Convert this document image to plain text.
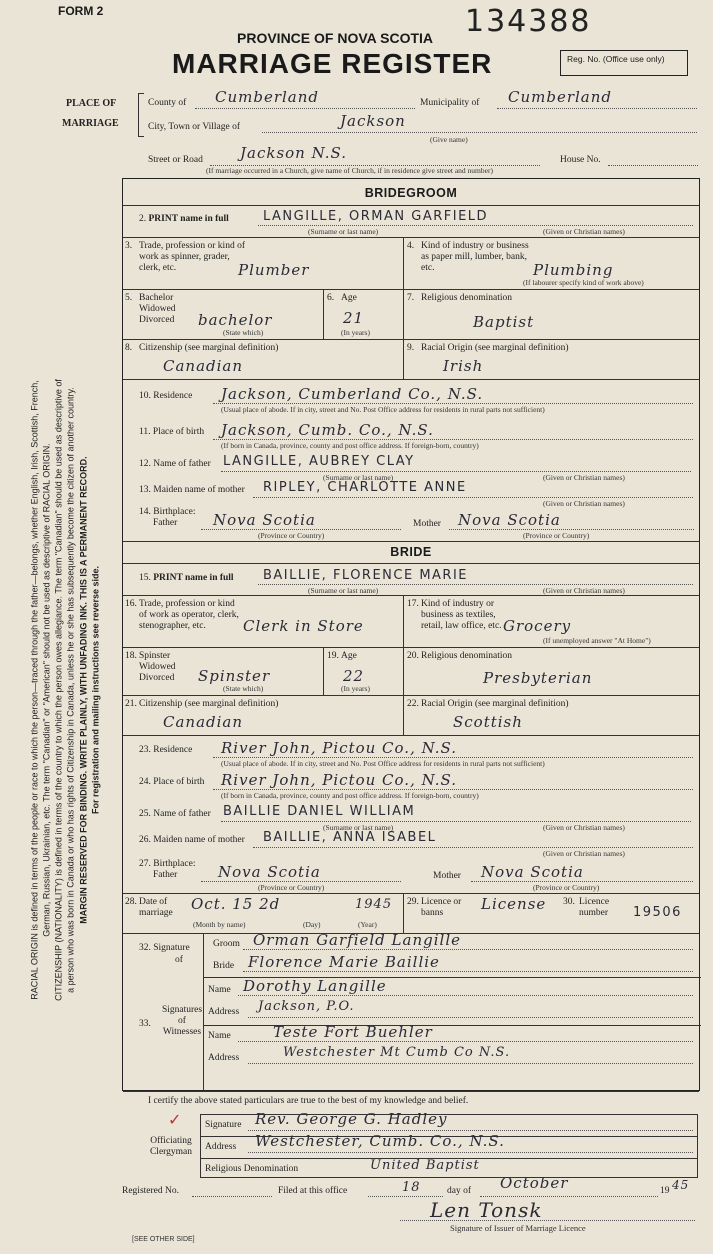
RACIAL ORIGIN is defined in terms of the people or race to which the person—traced through the father—belongs, whether English, Irish, Scottish, French, German, Russian, Ukrainian, etc. The term "Canadian" or "American" should not be used as descriptive of RACIAL ORIGIN. CITIZENSHIP (NATIONALITY) is defined in terms of the country to which the person owes allegiance. The term "Canadian" should be used as descriptive of a person who was born in Canada or who has rights of Citizenship in Canada, unless he or she has subsequently become the citizen of another country. MARGIN RESERVED FOR BINDING. WRITE PLAINLY, WITH UNFADING INK. THIS IS A PERMANENT RECORD. For registration and mailing instructions see reverse side.
FORM 2	134388
PROVINCE OF NOVA SCOTIA
MARRIAGE REGISTER	Reg. No. (Office use only)
PLACE OF
MARRIAGE
County of Cumberland	Municipality of Cumberland
City, Town or Village of	Jackson
(Give name)
Street or Road Jackson N.S.	House No.
(If marriage occurred in a Church, give name of Church, if in residence give street and number)
BRIDEGROOM
2. PRINT name in full	LANGILLE, ORMAN GARFIELD
(Surname or last name)	(Given or Christian names)
3. Trade, profession or kind of work as spinner, grader, clerk, etc.	Plumber
4. Kind of industry or business as paper mill, lumber, bank, etc.	Plumbing
(If labourer specify kind of work above)
5. Bachelor Widowed Divorced	bachelor
(State which)
6. Age
21
(In years)
7. Religious denomination
Baptist
8. Citizenship (see marginal definition)
Canadian
9. Racial Origin (see marginal definition)
Irish
10. Residence Jackson, Cumberland Co., N.S.
(Usual place of abode. If in city, street and No. Post Office address for residents in rural parts not sufficient)
11. Place of birth Jackson, Cumb. Co., N.S.
(If born in Canada, province, county and post office address. If foreign-born, country)
12. Name of father LANGILLE, AUBREY CLAY
(Surname or last name)	(Given or Christian names)
13. Maiden name of mother RIPLEY, CHARLOTTE ANNE
(Given or Christian names)
14. Birthplace:
Father	Nova Scotia
(Province or Country)
Mother Nova Scotia
(Province or Country)
BRIDE
15. PRINT name in full BAILLIE, FLORENCE MARIE
(Surname or last name)	(Given or Christian names)
16. Trade, profession or kind of work as operator, clerk, stenographer, etc.	Clerk in Store
17. Kind of industry or business as textiles, retail, law office, etc. Grocery
(If unemployed answer "At Home")
18. Spinster Widowed Divorced	Spinster
(State which)
19. Age
22
(In years)
20. Religious denomination
Presbyterian
21. Citizenship (see marginal definition)
Canadian
22. Racial Origin (see marginal definition)
Scottish
23. Residence River John, Pictou Co., N.S.
(Usual place of abode. If in city, street and No. Post Office address for residents in rural parts not sufficient)
24. Place of birth River John, Pictou Co., N.S.
(If born in Canada, province, county and post office address. If foreign-born, country)
25. Name of father BAILLIE DANIEL WILLIAM
(Surname or last name)	(Given or Christian names)
26. Maiden name of mother BAILLIE, ANNA ISABEL
(Given or Christian names)
27. Birthplace:
Father	Nova Scotia
(Province or Country)
Mother Nova Scotia
(Province or Country)
28. Date of marriage	Oct. 15 2d	1945
(Month by name)	(Day)	(Year)
29. Licence or banns	License 30. Licence number	19506
32. Signature
of
Groom Orman Garfield Langille
Bride Florence Marie Baillie
33.
Signatures
of
Witnesses
Name Dorothy Langille
Address Jackson, P.O.
Name	Teste Fort Buehler
Address	Westchester Mt Cumb Co N.S.
I certify the above stated particulars are true to the best of my knowledge and belief.
✓
Officiating
Clergyman
Signature Rev. George G. Hadley
Address Westchester, Cumb. Co., N.S.
Religious Denomination	United Baptist
Registered No.	Filed at this office	18	day of October	19 45
Len Tonsk
Signature of Issuer of Marriage Licence
[SEE OTHER SIDE]
